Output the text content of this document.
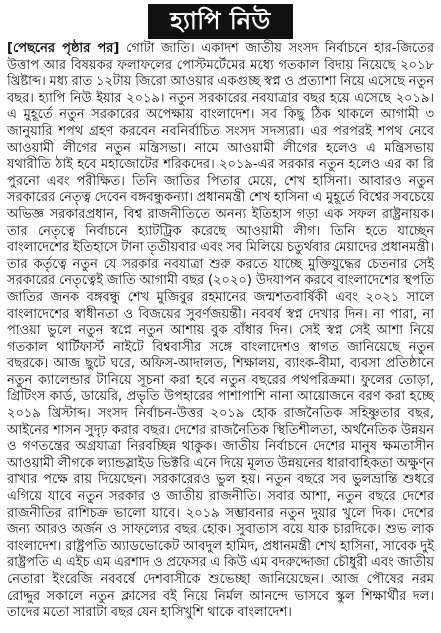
হ্যাপি নিউ

[পেছনের পৃষ্ঠার পর] গোটা জাতি। একাদশ জাতীয় সংসদ নির্বাচনে হার-জিতের উত্তাপ আর বিষয়কর ফলাফলের পোস্টমর্টেমের মধ্যে গতকাল বিদায় নিয়েছে ২০১৮ খ্রিষ্টাব্দ। মধ্য রাত ১২টায় জিরো আওয়ার একগুচ্ছ স্বপ্ন ও প্রত্যাশা নিয়ে এসেছে নতুন বছর। হ্যাপি নিউ ইয়ার ২০১৯। নতুন সরকারের নবযাত্রার বছর হয়ে এসেছে ২০১৯। এ মুহূর্তে নতুন সরকারের অপেক্ষায় বাংলাদেশ। সব কিছু ঠিক থাকলে আগামী ৩ জানুয়ারি শপথ গ্রহণ করবেন নবনির্বাচিত সংসদ সদস্যরা। এর পরপরই শপথ নেবে আওয়ামী লীগের নতুন মন্ত্রিসভা। নামে আওয়ামী লীগের হলেও এ মন্ত্রিসভায় যথারীতি ঠাই হবে মহাজোটের শরিকদের। ২০১৯-এর সরকার নতুন হলেও এর কা রি পুরনো এবং পরীক্ষিত। তিনি জাতির পিতার মেয়ে, শেখ হাসিনা। আবারও নতুন সরকারের নেতৃত্ব দেবেন বঙ্গবন্ধুকন্যা। প্রধানমন্ত্রী শেখ হাসিনা এ মুহূর্তে বিশ্বের সবচেয়ে অভিজ্ঞ সরকারপ্রধান, বিশ্ব রাজনীতিতে অনন্য ইতিহাস গড়া এক সফল রাষ্ট্রনায়ক। তার নেতৃত্বে নির্বাচনে হ্যাটট্রিক করেছে আওয়ামী লীগ। তিনি হতে যাচ্ছেন বাংলাদেশের ইতিহাসে টানা তৃতীয়বার এবং সব মিলিয়ে চতুর্থবার মেয়াদের প্রধানমন্ত্রী। তার কর্তৃত্বে নতুন যে সরকার নবযাত্রা শুরু করতে যাচ্ছে মুক্তিযুদ্ধের চেতনার সেই সরকারের নেতৃত্বেই জাতি আগামী বছর (২০২০) উদযাপন করবে বাংলাদেশের স্থপতি জাতির জনক বঙ্গবন্ধু শেখ মুজিবুর রহমানের জন্মশতবার্ষিকী এবং ২০২১ সালে বাংলাদেশের স্বাধীনতা ও বিজয়ের সুবর্ণজয়ন্তী। নববর্ষ স্বপ্ন দেখার দিন। না পারা, না পাওয়া ভুলে নতুন স্বপ্নে নতুন আশায় বুক বাঁধার দিন। সেই স্বপ্ন সেই আশা নিয়ে গতকাল থার্টিফার্স্ট নাইটে বিশ্ববাসীর সঙ্গে বাংলাদেশও স্বাগত জানিয়েছে নতুন বছরকে। আজ ছুটে ঘরে, অফিস-আদালত, শিক্ষালয়, ব্যাংক-বীমা, ব্যবসা প্রতিষ্ঠানে নতুন ক্যালেন্ডার টানিয়ে সূচনা করা হবে নতুন বছরের পথপরিক্রমা। ফুলের তোড়া, গ্রিটিংস কার্ড, ডায়েরি, প্রভৃতি উপহারের পাশাপাশি নানা আয়োজনে বরণ করা হচ্ছে ২০১৯ খ্রিস্টাব্দ। সংসদ নির্বাচন-উত্তর ২০১৯ হোক রাজনৈতিক সহিষ্ণুতার বছর, আইনের শাসন সুদৃঢ় করার বছর। দেশের রাজনৈতিক স্থিতিশীলতা, অর্থনৈতিক উন্নয়ন ও গণতন্ত্রের অগ্রযাত্রা নিরবচ্ছিন্ন থাকুক। জাতীয় নির্বাচনে দেশের মানুষ ক্ষমতাসীন আওয়ামী লীগকে ল্যান্ডস্লাইড ভিক্টরি এনে দিয়ে মূলত উন্নয়নের ধারাবাহিকতা অক্ষুণ্ন রাখার পক্ষে রায় দিয়েছেন। সরকারেরও ভুল হয়। নতুন বছরে সব ভুলভ্রান্তি শুধরে এগিয়ে যাবে নতুন সরকার ও জাতীয় রাজনীতি। সবার আশা, নতুন বছরে দেশের রাজনীতির রাশিচক্র ভালো যাবে। ২০১৯ সম্ভাবনার নতুন দুয়ার খুলে দিক। দেশের জন্য আরও অর্জন ও সাফল্যের বছর হোক। সুবাতাস বয়ে যাক চারদিকে। শুভ লাক বাংলাদেশ। রাষ্ট্রপতি অ্যাডভোকেট আবদুল হামিদ, প্রধানমন্ত্রী শেখ হাসিনা, সাবেক দুই রাষ্ট্রপতি এ এইচ এম এরশাদ ও প্রফেসর এ কিউ এম বদরুদ্দোজা চৌধুরী এবং জাতীয় নেতারা ইংরেজি নববর্ষে দেশবাসীকে শুভেচ্ছা জানিয়েছেন। আজ পৌষের নরম রোদ্দুর সকালে নতুন ক্লাসের বই নিয়ে নির্মল আনন্দে ভাসবে স্কুল শিক্ষার্থীর দল। তাদের মতো সারাটা বছর যেন হাসিখুশি থাকে বাংলাদেশ।
